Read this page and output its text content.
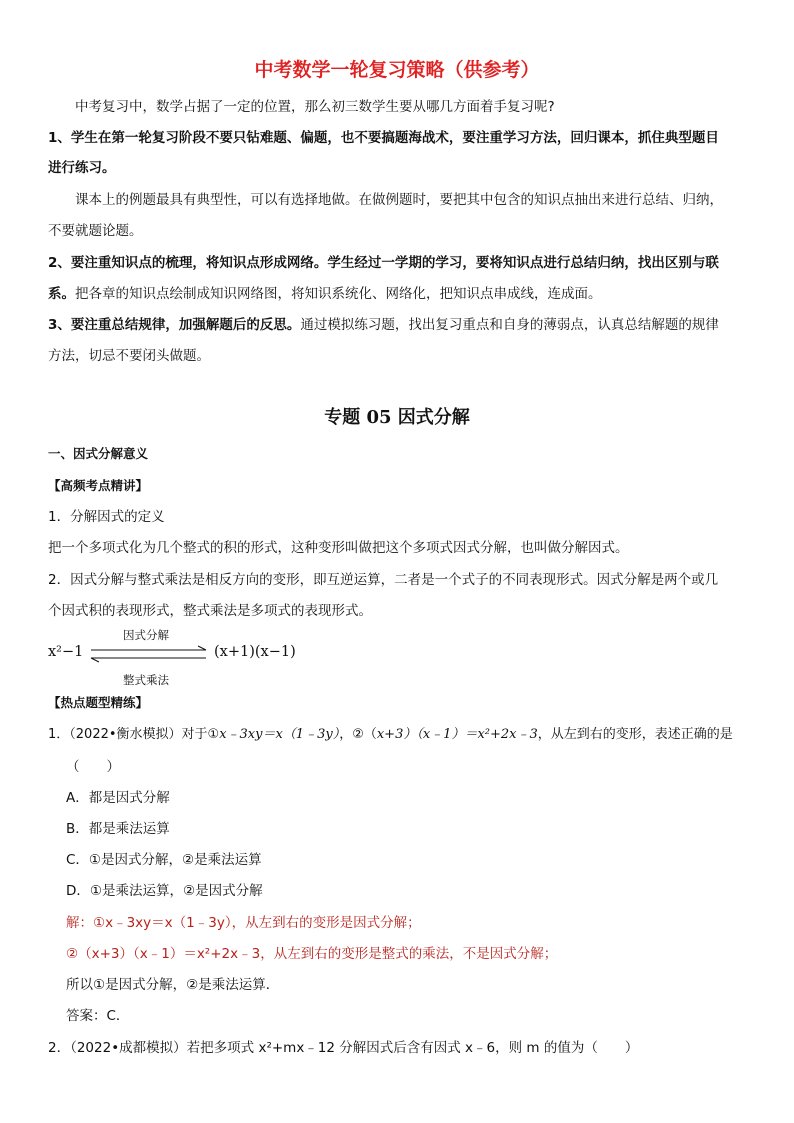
中考数学一轮复习策略（供参考）
中考复习中，数学占据了一定的位置，那么初三数学生要从哪几方面着手复习呢?
1、学生在第一轮复习阶段不要只钻难题、偏题，也不要搞题海战术，要注重学习方法，回归课本，抓住典型题目
进行练习。
课本上的例题最具有典型性，可以有选择地做。在做例题时，要把其中包含的知识点抽出来进行总结、归纳，
不要就题论题。
2、要注重知识点的梳理，将知识点形成网络。学生经过一学期的学习，要将知识点进行总结归纳，找出区别与联
系。把各章的知识点绘制成知识网络图，将知识系统化、网络化，把知识点串成线，连成面。
3、要注重总结规律，加强解题后的反思。通过模拟练习题，找出复习重点和自身的薄弱点，认真总结解题的规律
方法，切忌不要闭头做题。
专题 05 因式分解
一、因式分解意义
【高频考点精讲】
1．分解因式的定义
把一个多项式化为几个整式的积的形式，这种变形叫做把这个多项式因式分解，也叫做分解因式。
2．因式分解与整式乘法是相反方向的变形，即互逆运算，二者是一个式子的不同表现形式。因式分解是两个或几
个因式积的表现形式，整式乘法是多项式的表现形式。
x²−1
因式分解
(x+1)(x−1)
整式乘法
【热点题型精练】
1．（2022•衡水模拟）对于①x﹣3xy＝x（1﹣3y），②（x+3）（x﹣1）＝x²+2x﹣3，从左到右的变形，表述正确的是
（　　）
A．都是因式分解
B．都是乘法运算
C．①是因式分解，②是乘法运算
D．①是乘法运算，②是因式分解
解：①x﹣3xy＝x（1﹣3y），从左到右的变形是因式分解；
②（x+3）（x﹣1）＝x²+2x﹣3，从左到右的变形是整式的乘法，不是因式分解；
所以①是因式分解，②是乘法运算．
答案：C．
2．（2022•成都模拟）若把多项式 x²+mx﹣12 分解因式后含有因式 x﹣6，则 m 的值为（　　）
